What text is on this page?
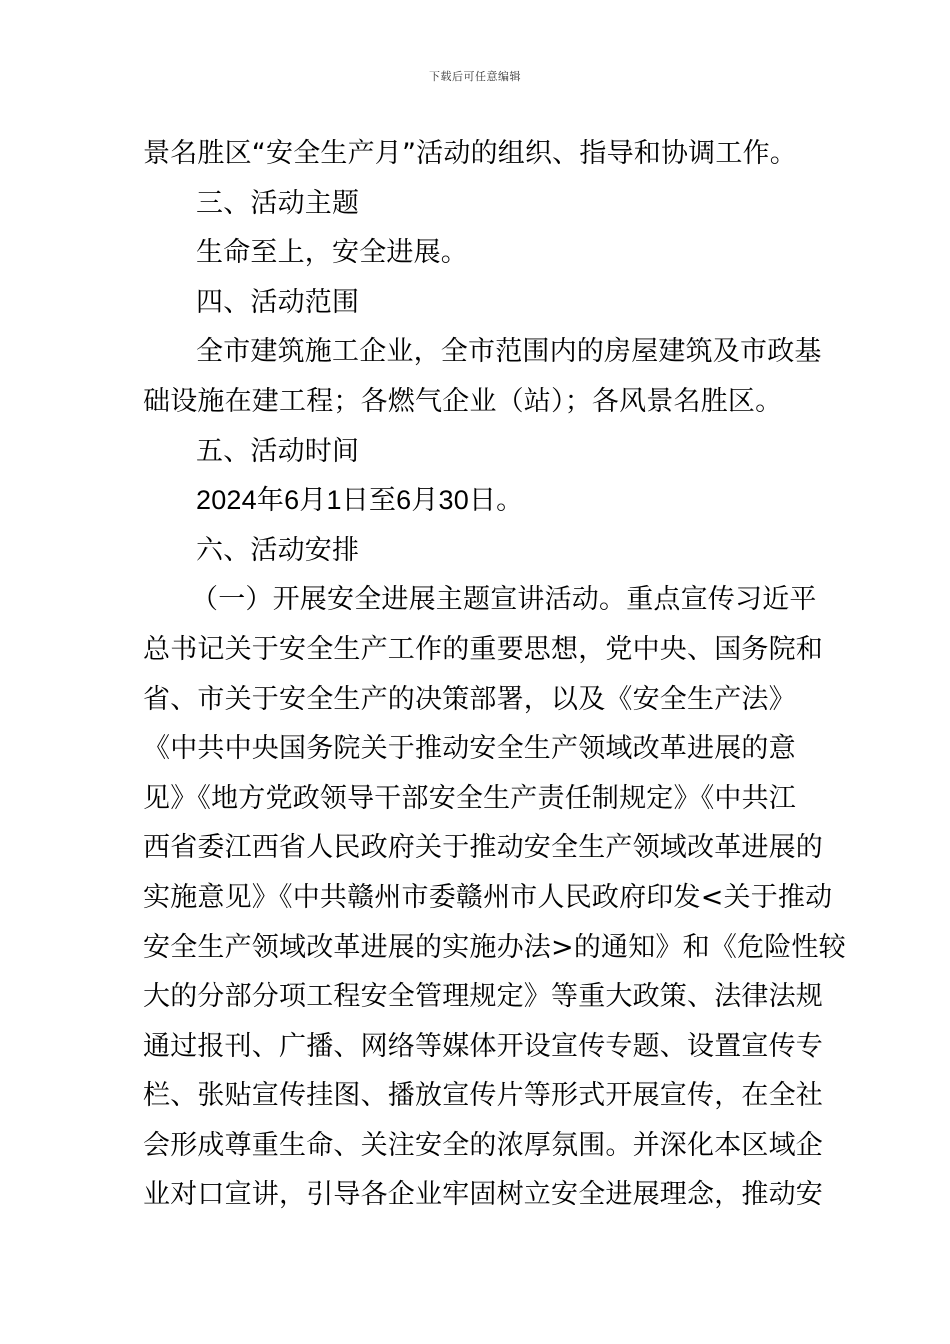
下载后可任意编辑
景名胜区“安全生产月”活动的组织、指导和协调工作。
三、活动主题
生命至上，安全进展。
四、活动范围
全市建筑施工企业，全市范围内的房屋建筑及市政基
础设施在建工程；各燃气企业（站）；各风景名胜区。
五、活动时间
2024年6月1日至6月30日。
六、活动安排
（一）开展安全进展主题宣讲活动。重点宣传习近平
总书记关于安全生产工作的重要思想，党中央、国务院和
省、市关于安全生产的决策部署，以及《安全生产法》
《中共中央国务院关于推动安全生产领域改革进展的意
见》《地方党政领导干部安全生产责任制规定》《中共江
西省委江西省人民政府关于推动安全生产领域改革进展的
实施意见》《中共赣州市委赣州市人民政府印发<关于推动
安全生产领域改革进展的实施办法>的通知》和《危险性较
大的分部分项工程安全管理规定》等重大政策、法律法规
通过报刊、广播、网络等媒体开设宣传专题、设置宣传专
栏、张贴宣传挂图、播放宣传片等形式开展宣传，在全社
会形成尊重生命、关注安全的浓厚氛围。并深化本区域企
业对口宣讲，引导各企业牢固树立安全进展理念，推动安
